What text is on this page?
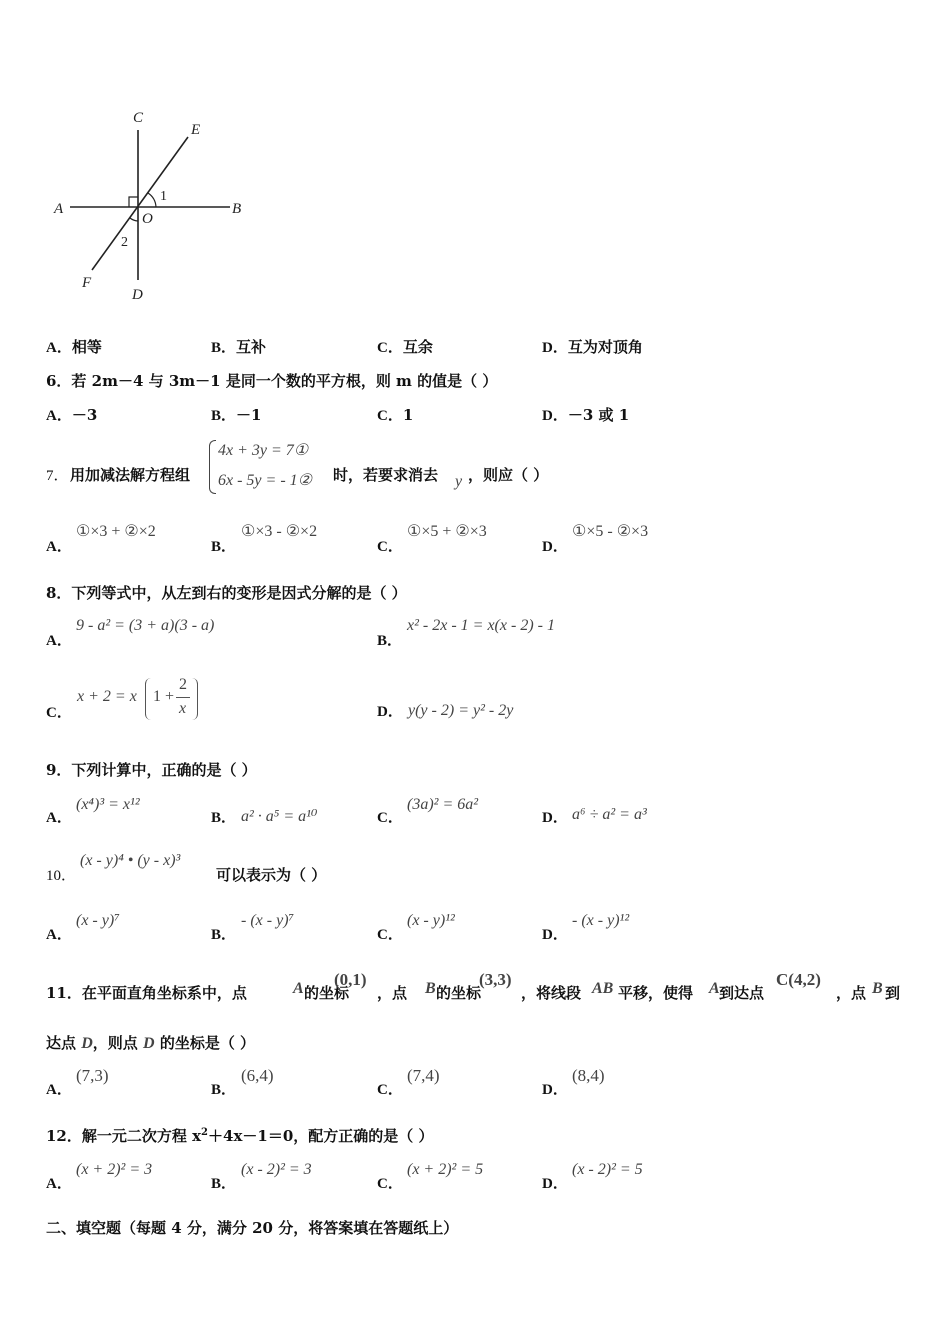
C
E
A
O
B
1
2
F
D
A．相等	B．互补	C．互余	D．互为对顶角
6．若 2m－4 与 3m－1 是同一个数的平方根，则 m 的值是（ ）
A．－3	B．－1	C．1	D．－3 或 1
7． 用加减法解方程组
4x + 3y = 7①
6x - 5y = - 1② 时，若要求消去 y ，则应（ ）
A．
①×3 + ②×2
B．
①×3 - ②×2
C．
①×5 + ②×3
D．
①×5 - ②×3
8．下列等式中，从左到右的变形是因式分解的是（ ）
A．
9 - a² = (3 + a)(3 - a)
B．
x² - 2x - 1 = x(x - 2) - 1
C．
x + 2 = x 1 +
2
x	D． y(y - 2) = y² - 2y
9．下列计算中，正确的是（ ）
A．
(x⁴)³ = x¹²
B． a² · a⁵ = a¹⁰	C．
(3a)² = 6a²
D． a⁶ ÷ a² = a³
10．
(x - y)⁴ • (y - x)³
可以表示为（ ）
A．
(x - y)⁷
B．
- (x - y)⁷
C．
(x - y)¹²
D．
- (x - y)¹²
11．在平面直角坐标系中，点	A 的坐标
(0,1)
，点 B 的坐标
(3,3)
，将线段 AB 平移，使得 A 到达点
C(4,2)
，点 B 到
达点 D，则点 D 的坐标是（ ）
A．
(7,3)
B．
(6,4)
C．
(7,4)
D．
(8,4)
12．解一元二次方程 $x^2+4x-1=0$，配方正确的是（ ）
A．
(x + 2)² = 3
B．
(x - 2)² = 3
C．
(x + 2)² = 5
D．
(x - 2)² = 5
二、填空题（每题 4 分，满分 20 分，将答案填在答题纸上）
